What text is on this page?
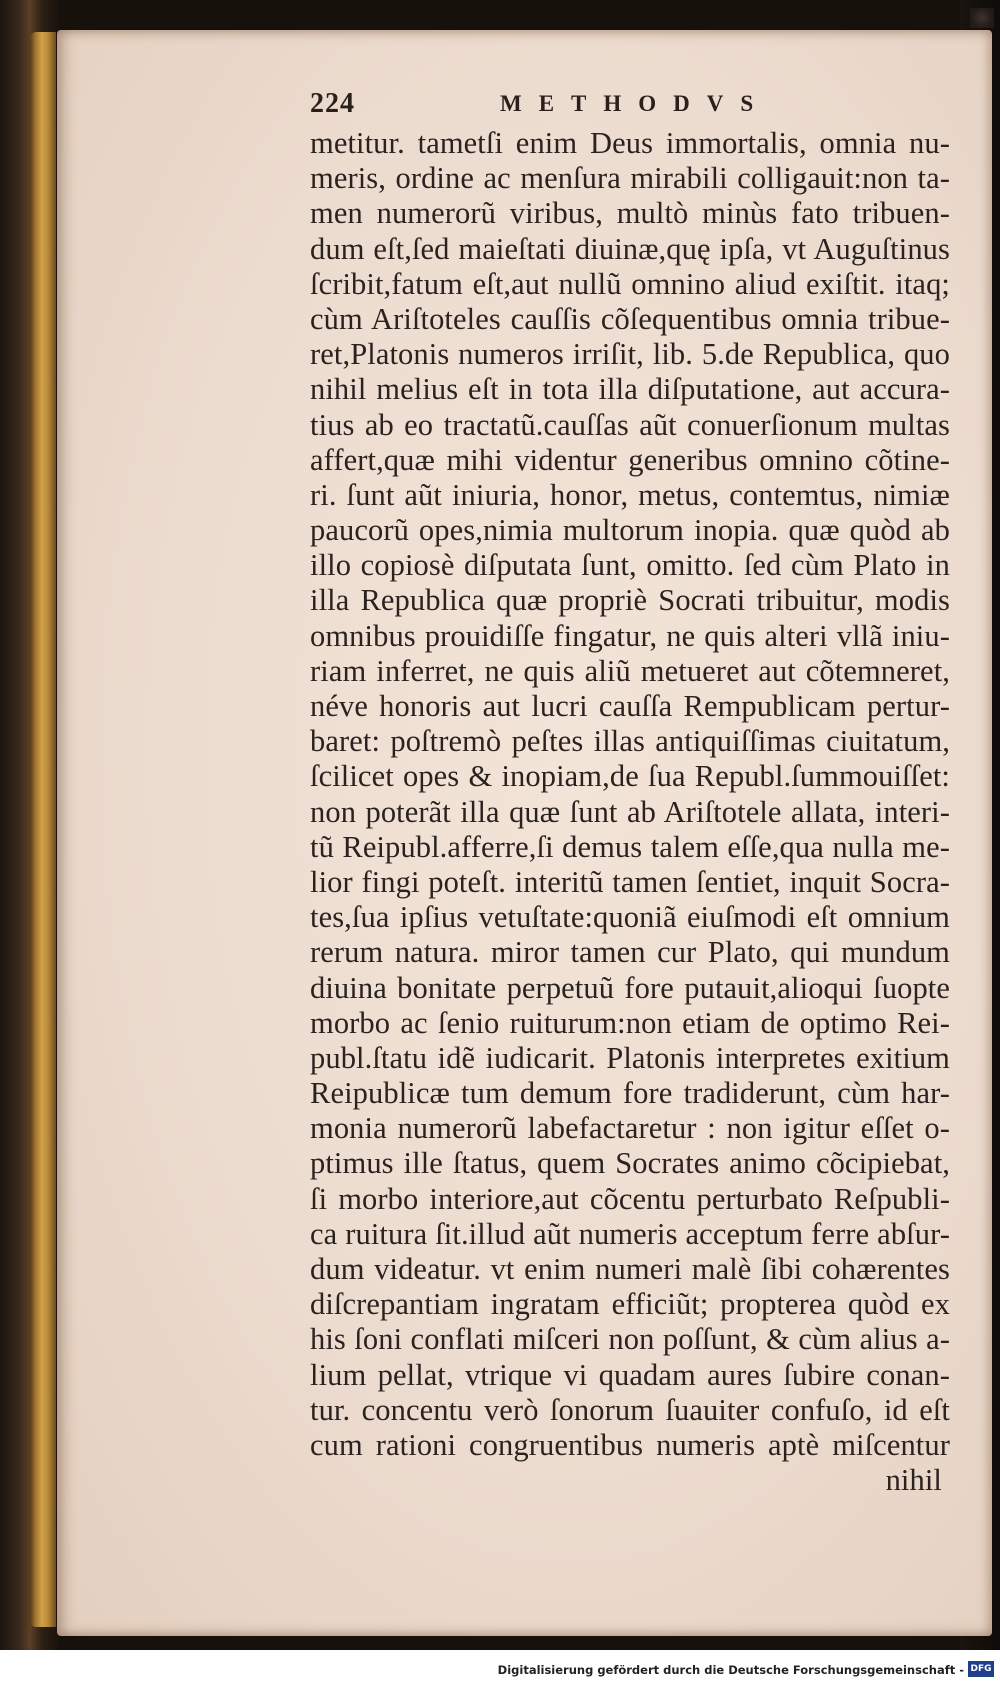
224	METHODVS
metitur. tametſi enim Deus immortalis, omnia nu-
meris, ordine ac menſura mirabili colligauit:non ta-
men numerorũ viribus, multò minùs fato tribuen-
dum eſt,ſed maieſtati diuinæ,quę ipſa, vt Auguſtinus
ſcribit,fatum eſt,aut nullũ omnino aliud exiſtit. itaq;
cùm Ariſtoteles cauſſis cõſequentibus omnia tribue-
ret,Platonis numeros irriſit, lib. 5.de Republica, quo
nihil melius eſt in tota illa diſputatione, aut accura-
tius ab eo tractatũ.cauſſas aũt conuerſionum multas
affert,quæ mihi videntur generibus omnino cõtine-
ri. ſunt aũt iniuria, honor, metus, contemtus, nimiæ
paucorũ opes,nimia multorum inopia. quæ quòd ab
illo copiosè diſputata ſunt, omitto. ſed cùm Plato in
illa Republica quæ propriè Socrati tribuitur, modis
omnibus prouidiſſe fingatur, ne quis alteri vllã iniu-
riam inferret, ne quis aliũ metueret aut cõtemneret,
néve honoris aut lucri cauſſa Rempublicam pertur-
baret: poſtremò peſtes illas antiquiſſimas ciuitatum,
ſcilicet opes & inopiam,de ſua Republ.ſummouiſſet:
non poterãt illa quæ ſunt ab Ariſtotele allata, interi-
tũ Reipubl.afferre,ſi demus talem eſſe,qua nulla me-
lior fingi poteſt. interitũ tamen ſentiet, inquit Socra-
tes,ſua ipſius vetuſtate:quoniã eiuſmodi eſt omnium
rerum natura. miror tamen cur Plato, qui mundum
diuina bonitate perpetuũ fore putauit,alioqui ſuopte
morbo ac ſenio ruiturum:non etiam de optimo Rei-
publ.ſtatu idẽ iudicarit. Platonis interpretes exitium
Reipublicæ tum demum fore tradiderunt, cùm har-
monia numerorũ labefactaretur : non igitur eſſet o-
ptimus ille ſtatus, quem Socrates animo cõcipiebat,
ſi morbo interiore,aut cõcentu perturbato Reſpubli-
ca ruitura ſit.illud aũt numeris acceptum ferre abſur-
dum videatur. vt enim numeri malè ſibi cohærentes
diſcrepantiam ingratam efficiũt; propterea quòd ex
his ſoni conflati miſceri non poſſunt, & cùm alius a-
lium pellat, vtrique vi quadam aures ſubire conan-
tur. concentu verò ſonorum ſuauiter confuſo, id eſt
cum rationi congruentibus numeris aptè miſcentur
nihil
Digitalisierung gefördert durch die Deutsche Forschungsgemeinschaft - DFG
